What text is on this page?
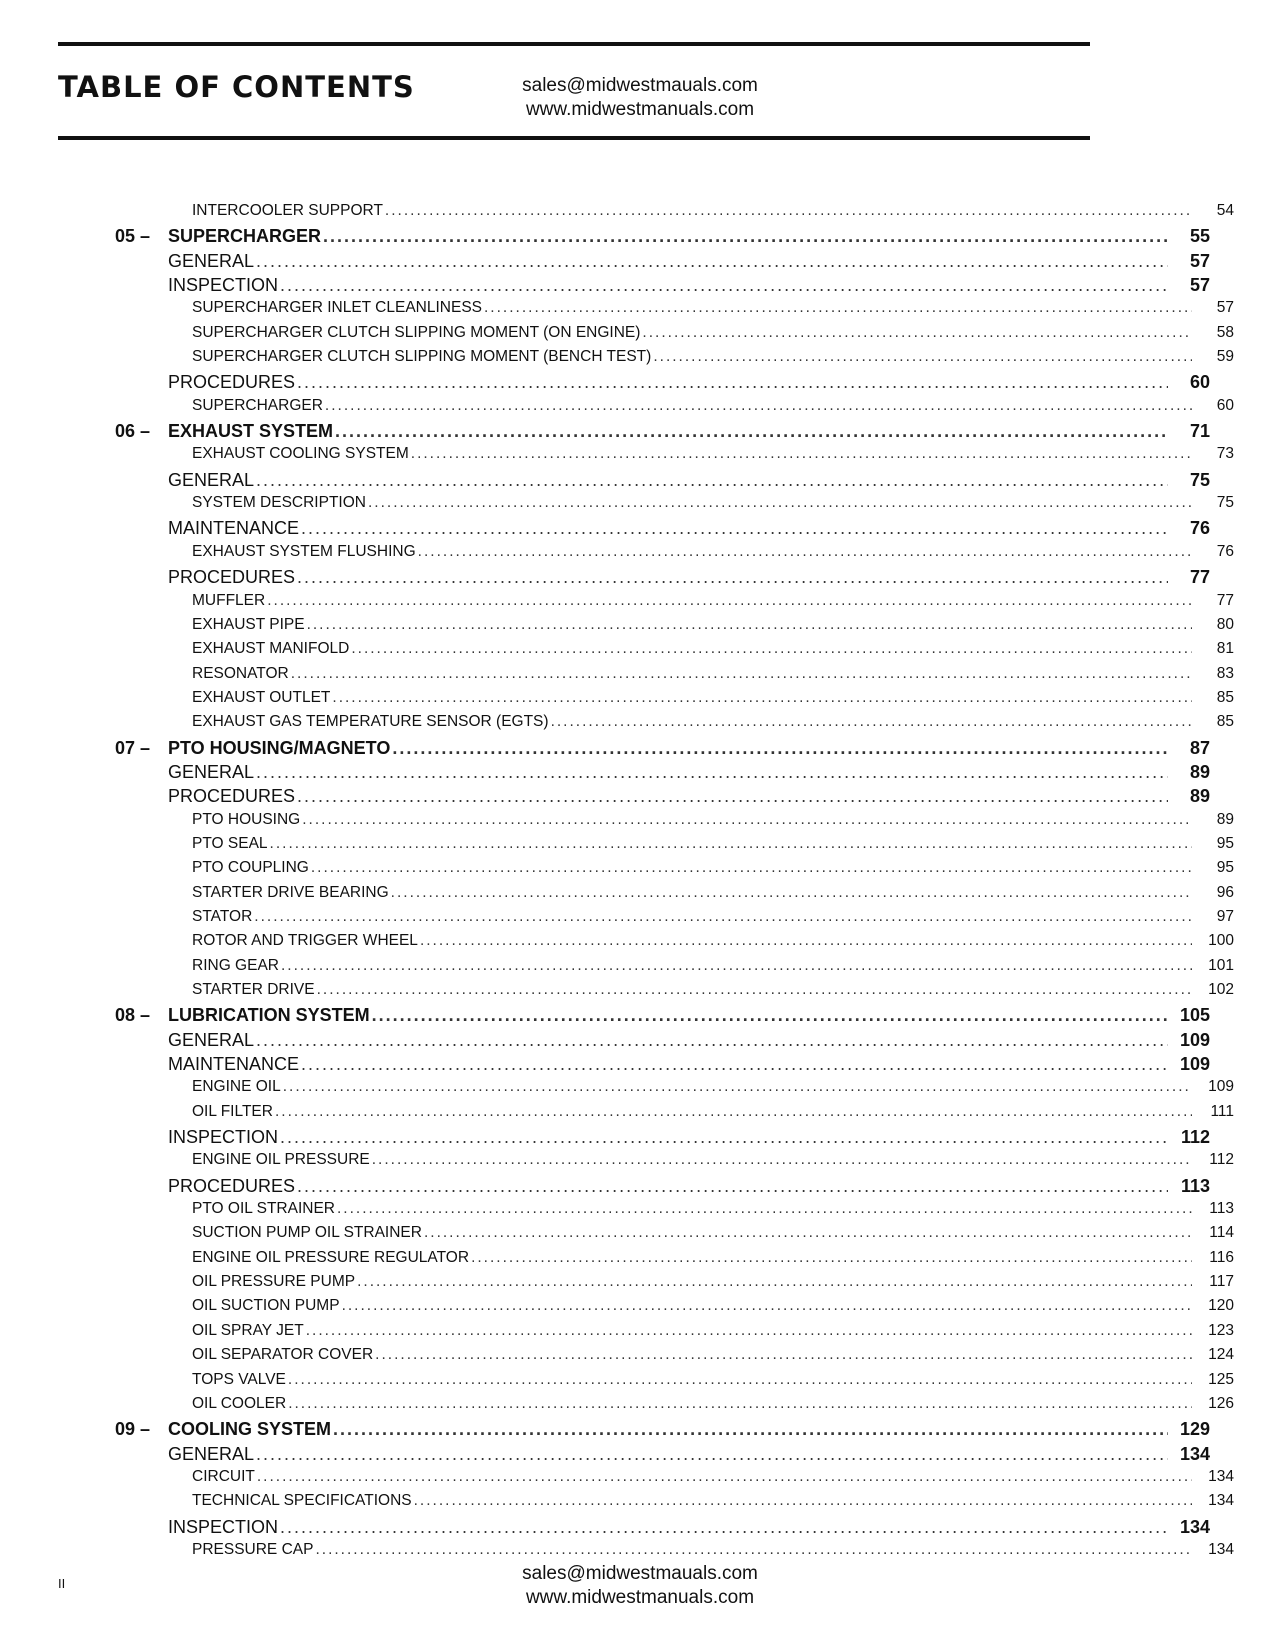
TABLE OF CONTENTS	sales@midwestmauals.com
www.midwestmanuals.com
INTERCOOLER SUPPORT .....	54
05 – SUPERCHARGER .....	55
GENERAL .....	57
INSPECTION .....	57
SUPERCHARGER INLET CLEANLINESS .....	57
SUPERCHARGER CLUTCH SLIPPING MOMENT (ON ENGINE) .....	58
SUPERCHARGER CLUTCH SLIPPING MOMENT (BENCH TEST) .....	59
PROCEDURES .....	60
SUPERCHARGER .....	60
06 – EXHAUST SYSTEM .....	71
EXHAUST COOLING SYSTEM .....	73
GENERAL .....	75
SYSTEM DESCRIPTION .....	75
MAINTENANCE .....	76
EXHAUST SYSTEM FLUSHING .....	76
PROCEDURES .....	77
MUFFLER .....	77
EXHAUST PIPE .....	80
EXHAUST MANIFOLD .....	81
RESONATOR .....	83
EXHAUST OUTLET .....	85
EXHAUST GAS TEMPERATURE SENSOR (EGTS) .....	85
07 – PTO HOUSING/MAGNETO .....	87
GENERAL .....	89
PROCEDURES .....	89
PTO HOUSING .....	89
PTO SEAL .....	95
PTO COUPLING .....	95
STARTER DRIVE BEARING .....	96
STATOR .....	97
ROTOR AND TRIGGER WHEEL .....	100
RING GEAR .....	101
STARTER DRIVE .....	102
08 – LUBRICATION SYSTEM .....	105
GENERAL .....	109
MAINTENANCE .....	109
ENGINE OIL .....	109
OIL FILTER .....	111
INSPECTION .....	112
ENGINE OIL PRESSURE .....	112
PROCEDURES .....	113
PTO OIL STRAINER .....	113
SUCTION PUMP OIL STRAINER .....	114
ENGINE OIL PRESSURE REGULATOR .....	116
OIL PRESSURE PUMP .....	117
OIL SUCTION PUMP .....	120
OIL SPRAY JET .....	123
OIL SEPARATOR COVER .....	124
TOPS VALVE .....	125
OIL COOLER .....	126
09 – COOLING SYSTEM .....	129
GENERAL .....	134
CIRCUIT .....	134
TECHNICAL SPECIFICATIONS .....	134
INSPECTION .....	134
PRESSURE CAP .....	134
II	sales@midwestmauals.com
www.midwestmanuals.com
